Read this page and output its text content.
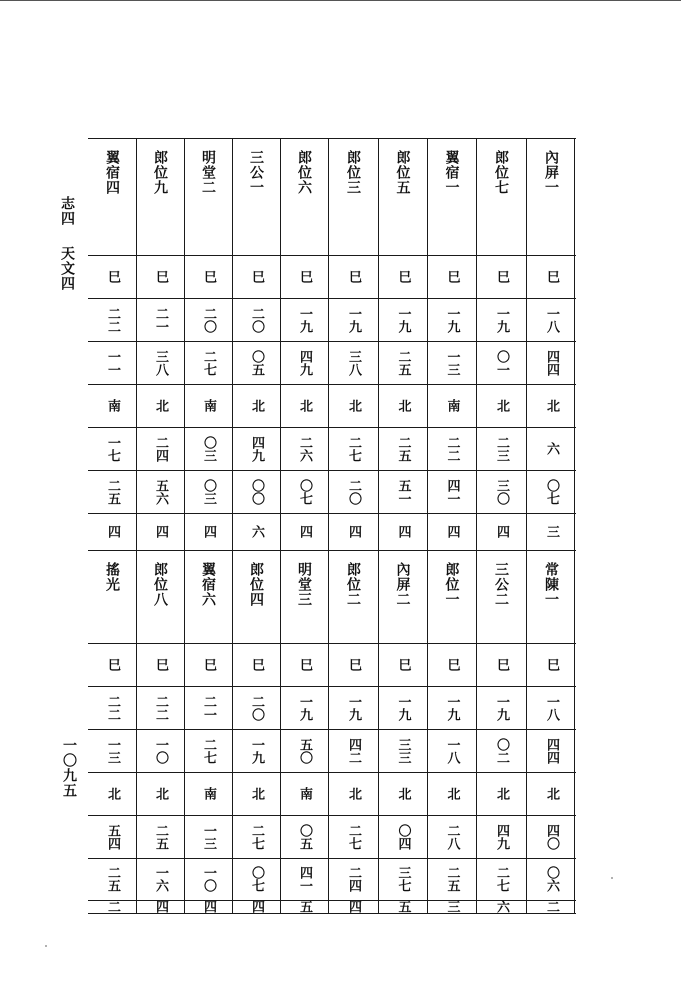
志四
天文四
一〇九五
內屏一
郎位七
翼宿一
郎位五
郎位三
郎位六
三公一
明堂二
郎位九
翼宿四
巳
巳
巳
巳
巳
巳
巳
巳
巳
巳
一八
一九
一九
一九
一九
一九
二〇
二〇
二一
二二
四四
〇一
一三
二五
三八
四九
〇五
二七
三八
一一
北
北
南
北
北
北
北
南
北
南
六
二三
二二
二五
二七
二六
四九
〇三
二四
一七
〇七
三〇
四一
五一
二〇
〇七
〇〇
〇三
五六
二五
三
四
四
四
四
四
六
四
四
四
常陳一
三公二
郎位一
內屏二
郎位二
明堂三
郎位四
翼宿六
郎位八
搖光
巳
巳
巳
巳
巳
巳
巳
巳
巳
巳
一八
一九
一九
一九
一九
一九
二〇
二一
二二
二二
四四
〇二
一八
三三
四二
五〇
一九
二七
一〇
一三
北
北
北
北
北
南
北
南
北
北
四〇
四九
二八
〇四
二七
〇五
二七
一三
二五
五四
〇六
二七
二五
三七
二四
四一
〇七
一〇
一六
二五
二
六
三
五
四
五
四
四
四
二
